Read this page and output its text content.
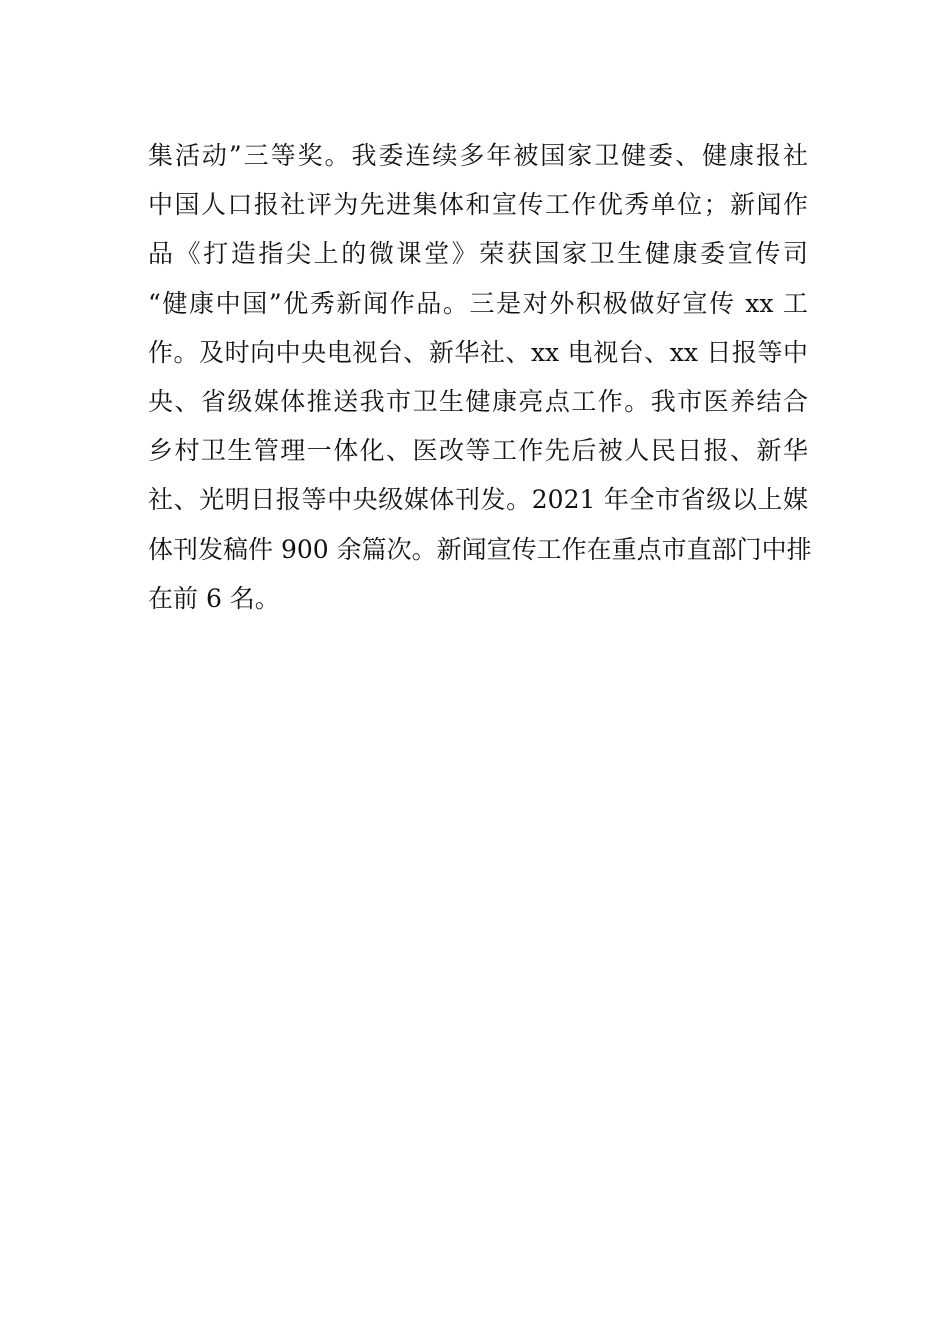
集活动”三等奖。我委连续多年被国家卫健委、健康报社
中国人口报社评为先进集体和宣传工作优秀单位；新闻作
品《打造指尖上的微课堂》荣获国家卫生健康委宣传司
“健康中国”优秀新闻作品。三是对外积极做好宣传 xx 工
作。及时向中央电视台、新华社、xx 电视台、xx 日报等中
央、省级媒体推送我市卫生健康亮点工作。我市医养结合
乡村卫生管理一体化、医改等工作先后被人民日报、新华
社、光明日报等中央级媒体刊发。2021 年全市省级以上媒
体刊发稿件 900 余篇次。新闻宣传工作在重点市直部门中排
在前 6 名。
